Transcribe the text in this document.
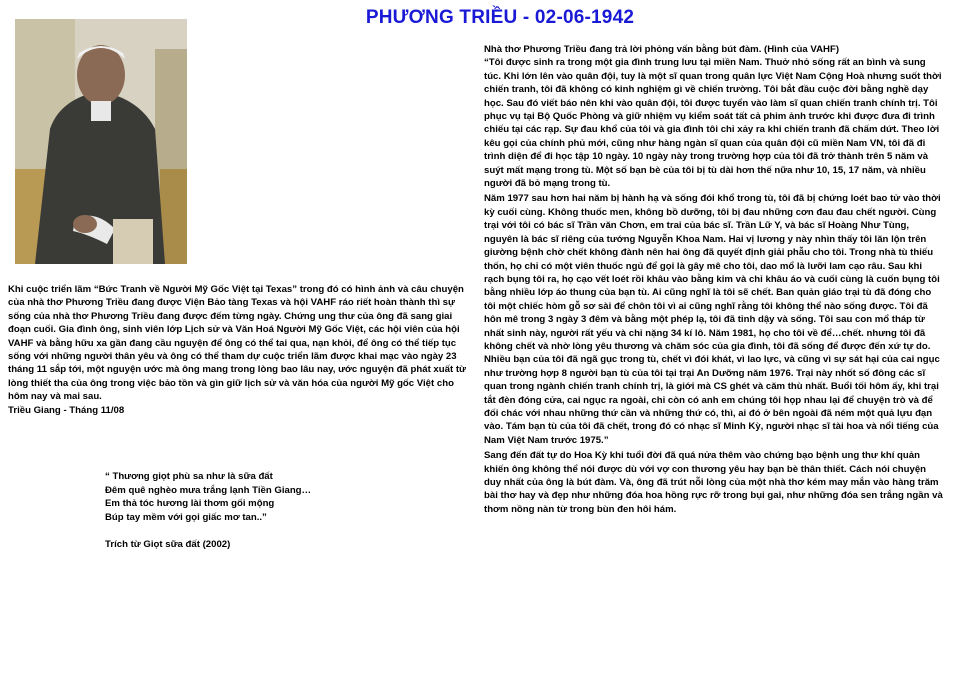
PHƯƠNG TRIỀU - 02-06-1942

Khi cuộc triển lãm “Bức Tranh về Người Mỹ Gốc Việt tại Texas” trong đó có hình ảnh và câu chuyện của nhà thơ Phương Triều đang được Viện Bảo tàng Texas và hội VAHF ráo riết hoàn thành thì sự sống của nhà thơ Phương Triều đang được đếm từng ngày. Chứng ung thư của ông đã sang giai đoạn cuối. Gia đình ông, sinh viên lớp Lịch sử và Văn Hoá Người Mỹ Gốc Việt, các hội viên của hội VAHF và bằng hữu xa gần đang cầu nguyện để ông có thể tai qua, nạn khỏi, để ông có thể tiếp tục sống với những người thân yêu và ông có thể tham dự cuộc triển lãm được khai mạc vào ngày 23 tháng 11 sắp tới, một nguyện ước mà ông mang trong lòng bao lâu nay, ước nguyện đã phát xuất từ lòng thiết tha của ông trong việc bảo tồn và gìn giữ lịch sử và văn hóa của người Mỹ gốc Việt cho hôm nay và mai sau.

Triều Giang - Tháng 11/08

“ Thương giọt phù sa như là sữa đất

Đêm quê nghèo mưa trắng lạnh Tiền Giang…

Em thả tóc hương lài thơm gối mộng

Búp tay mềm với gọi giấc mơ tan..”

Trích từ Giọt sữa đất (2002)

Nhà thơ Phương Triều đang trả lời phỏng vấn bằng bút đàm. (Hình của VAHF)

“Tôi được sinh ra trong một gia đình trung lưu tại miền Nam. Thuở nhỏ sống rất an bình và sung túc. Khi lớn lên vào quân đội, tuy là một sĩ quan trong quân lực Việt Nam Cộng Hoà nhưng suốt thời chiến tranh, tôi đã không có kinh nghiệm gì về chiến trường. Tôi bắt đầu cuộc đời bằng nghề dạy học. Sau đó viết báo nên khi vào quân đội, tôi được tuyển vào làm sĩ quan chiến tranh chính trị. Tôi phục vụ tại Bộ Quốc Phòng và giữ nhiệm vụ kiểm soát tất cả phim ảnh trước khi được đưa đi trình chiếu tại các rạp. Sự đau khổ của tôi và gia đình tôi chỉ xảy ra khi chiến tranh đã chấm dứt. Theo lời kêu gọi của chính phủ mới, cũng như hàng ngàn sĩ quan của quân đội cũ miền Nam VN, tôi đã đi trình diện để đi học tập 10 ngày. 10 ngày này trong trường hợp của tôi đã trở thành trên 5 năm và suýt mất mạng trong tù. Một số bạn bè của tôi bị tù dài hơn thế nữa như 10, 15, 17 năm, và nhiều người đã bỏ mạng trong tù.

Năm 1977 sau hơn hai năm bị hành hạ và sống đói khổ trong tù, tôi đã bị chứng loét bao tử vào thời kỳ cuối cùng. Không thuốc men, không bồ dưỡng, tôi bị đau những cơn đau đau chết người. Cùng trại với tôi có bác sĩ Trần văn Chơn, em trai của bác sĩ. Trần Lữ Y, và bác sĩ Hoàng Như Tùng, nguyên là bác sĩ riêng của tướng Nguyễn Khoa Nam. Hai vị lương y này nhìn thấy tôi lăn lộn trên giường bệnh chờ chết không đành nên hai ông đã quyết định giải phẫu cho tôi. Trong nhà tù thiếu thốn, họ chỉ có một viên thuốc ngủ để gọi là gây mê cho tôi, dao mổ là lưỡi lam cạo râu. Sau khi rạch bụng tôi ra, họ cạo vết loét rồi khâu vào bằng kim và chỉ khâu áo và cuối cùng là cuốn bụng tôi bằng nhiều lớp áo thung của bạn tù. Ai cũng nghĩ là tôi sẽ chết. Ban quản giáo trại tù đã đóng cho tôi một chiếc hòm gỗ sơ sài để chôn tôi vì ai cũng nghĩ rằng tôi không thể nào sống được. Tôi đã hôn mê trong 3 ngày 3 đêm và bằng một phép lạ, tôi đã tỉnh dậy và sống. Tôi sau con mổ tháp từ nhất sinh này, người rất yếu và chỉ nặng 34 kí lô. Năm 1981, họ cho tôi về để…chết. nhưng tôi đã không chết và nhờ lòng yêu thương và chăm sóc của gia đình, tôi đã sống để được đến xứ tự do. Nhiều bạn của tôi đã ngã gục trong tù, chết vì đói khát, vì lao lực, và cũng vì sự sát hại của cai ngục như trường hợp 8 người bạn tù của tôi tại trại An Dưỡng năm 1976. Trại này nhốt số đông các sĩ quan trong ngành chiến tranh chính trị, là giới mà CS ghét và căm thù nhất. Buổi tối hôm ấy, khi trại tắt đèn đóng cửa, cai ngục ra ngoài, chỉ còn có anh em chúng tôi họp nhau lại để chuyện trò và để đối chác với nhau những thứ cần và những thứ có, thì, ai đó ở bên ngoài đã ném một quả lựu đạn vào. Tám bạn tù của tôi đã chết, trong đó có nhạc sĩ Minh Kỳ, người nhạc sĩ tài hoa và nổi tiếng của Nam Việt Nam trước 1975.”

Sang đến đất tự do Hoa Kỳ khi tuổi đời đã quá nửa thêm vào chứng bạo bệnh ung thư khí quản khiến ông không thể nói được dù với vợ con thương yêu hay bạn bè thân thiết. Cách nói chuyện duy nhất của ông là bút đàm. Và, ông đã trút nỗi lòng của một nhà thơ kém may mắn vào hàng trăm bài thơ hay và đẹp như những đóa hoa hồng rực rỡ trong bụi gai, như những đóa sen trắng ngần và thơm nồng nàn từ trong bùn đen hôi hám.
